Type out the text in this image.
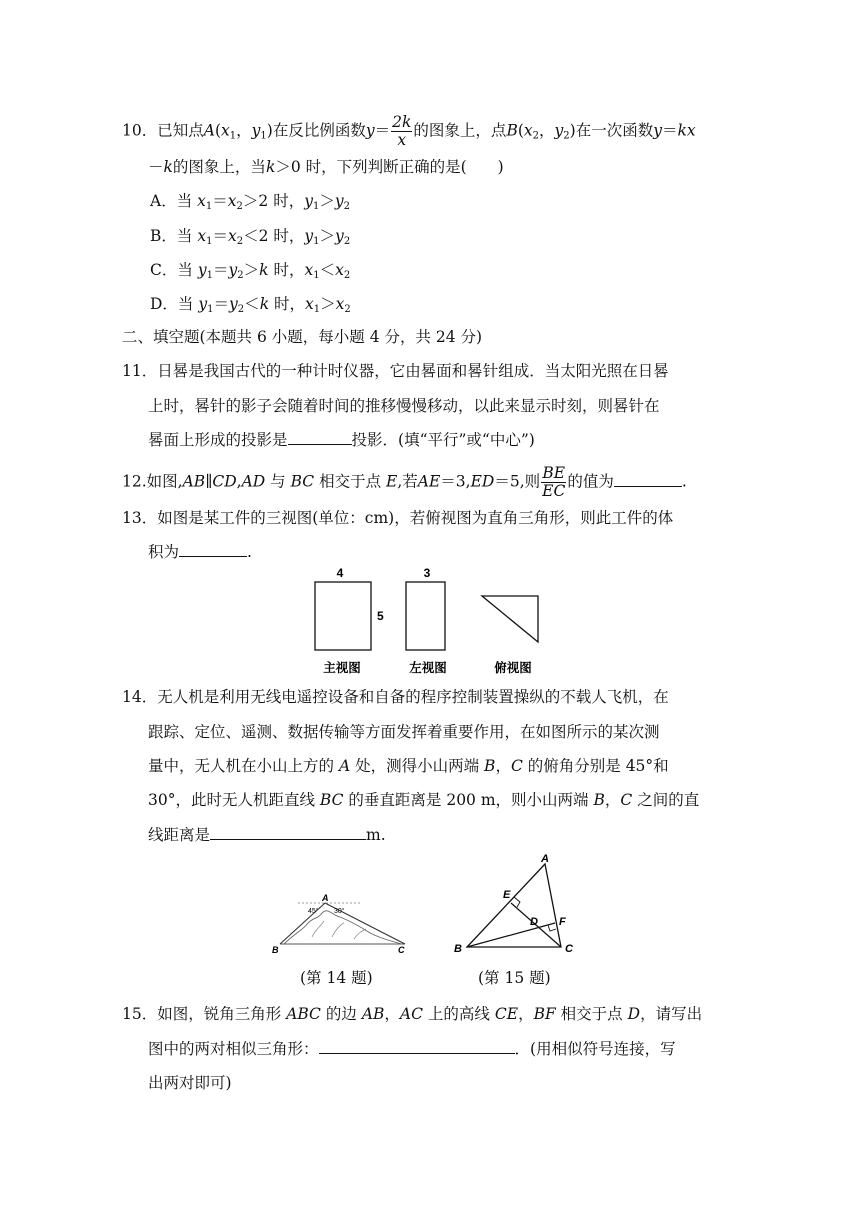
10．已知点$A(x_1$，$y_1$)在反比例函数$y= \frac{2k}{x}$ 的图象上，点$B(x_2$，$y_2$)在一次函数y＝kx
－k的图象上，当k＞0 时，下列判断正确的是(　　)
A．当 $x_1=x_2>2$ 时，$y_1>y_2$
B．当 $x_1=x_2<2$ 时，$y_1>y_2$
C．当 $y_1=y_2>k$ 时，$x_1<x_2$
D．当 $y_1=y_2<k$ 时，$x_1>x_2$
二、填空题(本题共 6 小题，每小题 4 分，共 24 分)
11．日晷是我国古代的一种计时仪器，它由晷面和晷针组成．当太阳光照在日晷
上时，晷针的影子会随着时间的推移慢慢移动，以此来显示时刻，则晷针在
晷面上形成的投影是	投影．(填“平行”或“中心”)
12.如图,AB∥CD,AD 与 BC 相交于点 E,若AE＝3,ED＝5,则 $\frac{BE}{EC}$ 的值为	.
13．如图是某工件的三视图(单位：cm)，若俯视图为直角三角形，则此工件的体
积为	.
4
5
3
主视图	左视图	俯视图
14．无人机是利用无线电遥控设备和自备的程序控制装置操纵的不载人飞机，在
跟踪、定位、遥测、数据传输等方面发挥着重要作用，在如图所示的某次测
量中，无人机在小山上方的 A 处，测得小山两端 B，C 的俯角分别是 45°和
30°，此时无人机距直线 BC 的垂直距离是 200 m，则小山两端 B，C 之间的直
线距离是	m.
A
B	C
45° 30°
(第 14 题)
A
B	C
D
E
F
(第 15 题)
15．如图，锐角三角形 ABC 的边 AB，AC 上的高线 CE，BF 相交于点 D，请写出
图中的两对相似三角形：	．(用相似符号连接，写
出两对即可)
